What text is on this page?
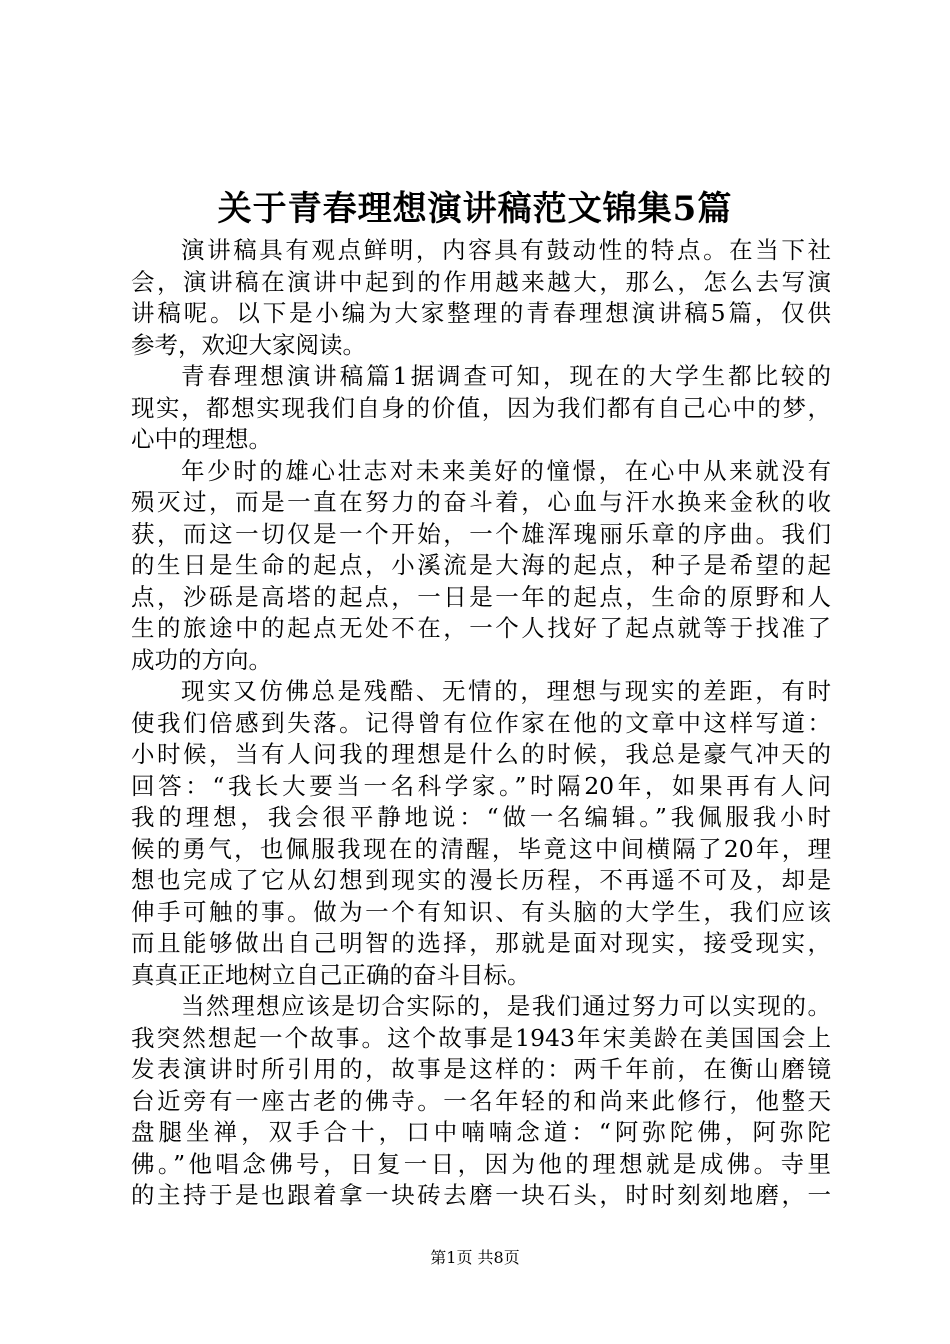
关于青春理想演讲稿范文锦集5篇
演讲稿具有观点鲜明，内容具有鼓动性的特点。在当下社
会，演讲稿在演讲中起到的作用越来越大，那么，怎么去写演
讲稿呢。以下是小编为大家整理的青春理想演讲稿5篇，仅供
参考，欢迎大家阅读。
青春理想演讲稿篇1据调查可知，现在的大学生都比较的
现实，都想实现我们自身的价值，因为我们都有自己心中的梦，
心中的理想。
年少时的雄心壮志对未来美好的憧憬，在心中从来就没有
殒灭过，而是一直在努力的奋斗着，心血与汗水换来金秋的收
获，而这一切仅是一个开始，一个雄浑瑰丽乐章的序曲。我们
的生日是生命的起点，小溪流是大海的起点，种子是希望的起
点，沙砾是高塔的起点，一日是一年的起点，生命的原野和人
生的旅途中的起点无处不在，一个人找好了起点就等于找准了
成功的方向。
现实又仿佛总是残酷、无情的，理想与现实的差距，有时
使我们倍感到失落。记得曾有位作家在他的文章中这样写道：
小时候，当有人问我的理想是什么的时候，我总是豪气冲天的
回答：“我长大要当一名科学家。”时隔20年，如果再有人问
我的理想，我会很平静地说：“做一名编辑。”我佩服我小时
候的勇气，也佩服我现在的清醒，毕竟这中间横隔了20年，理
想也完成了它从幻想到现实的漫长历程，不再遥不可及，却是
伸手可触的事。做为一个有知识、有头脑的大学生，我们应该
而且能够做出自己明智的选择，那就是面对现实，接受现实，
真真正正地树立自己正确的奋斗目标。
当然理想应该是切合实际的，是我们通过努力可以实现的。
我突然想起一个故事。这个故事是1943年宋美龄在美国国会上
发表演讲时所引用的，故事是这样的：两千年前，在衡山磨镜
台近旁有一座古老的佛寺。一名年轻的和尚来此修行，他整天
盘腿坐禅，双手合十，口中喃喃念道：“阿弥陀佛，阿弥陀
佛。”他唱念佛号，日复一日，因为他的理想就是成佛。寺里
的主持于是也跟着拿一块砖去磨一块石头，时时刻刻地磨，一
第1页 共8页
